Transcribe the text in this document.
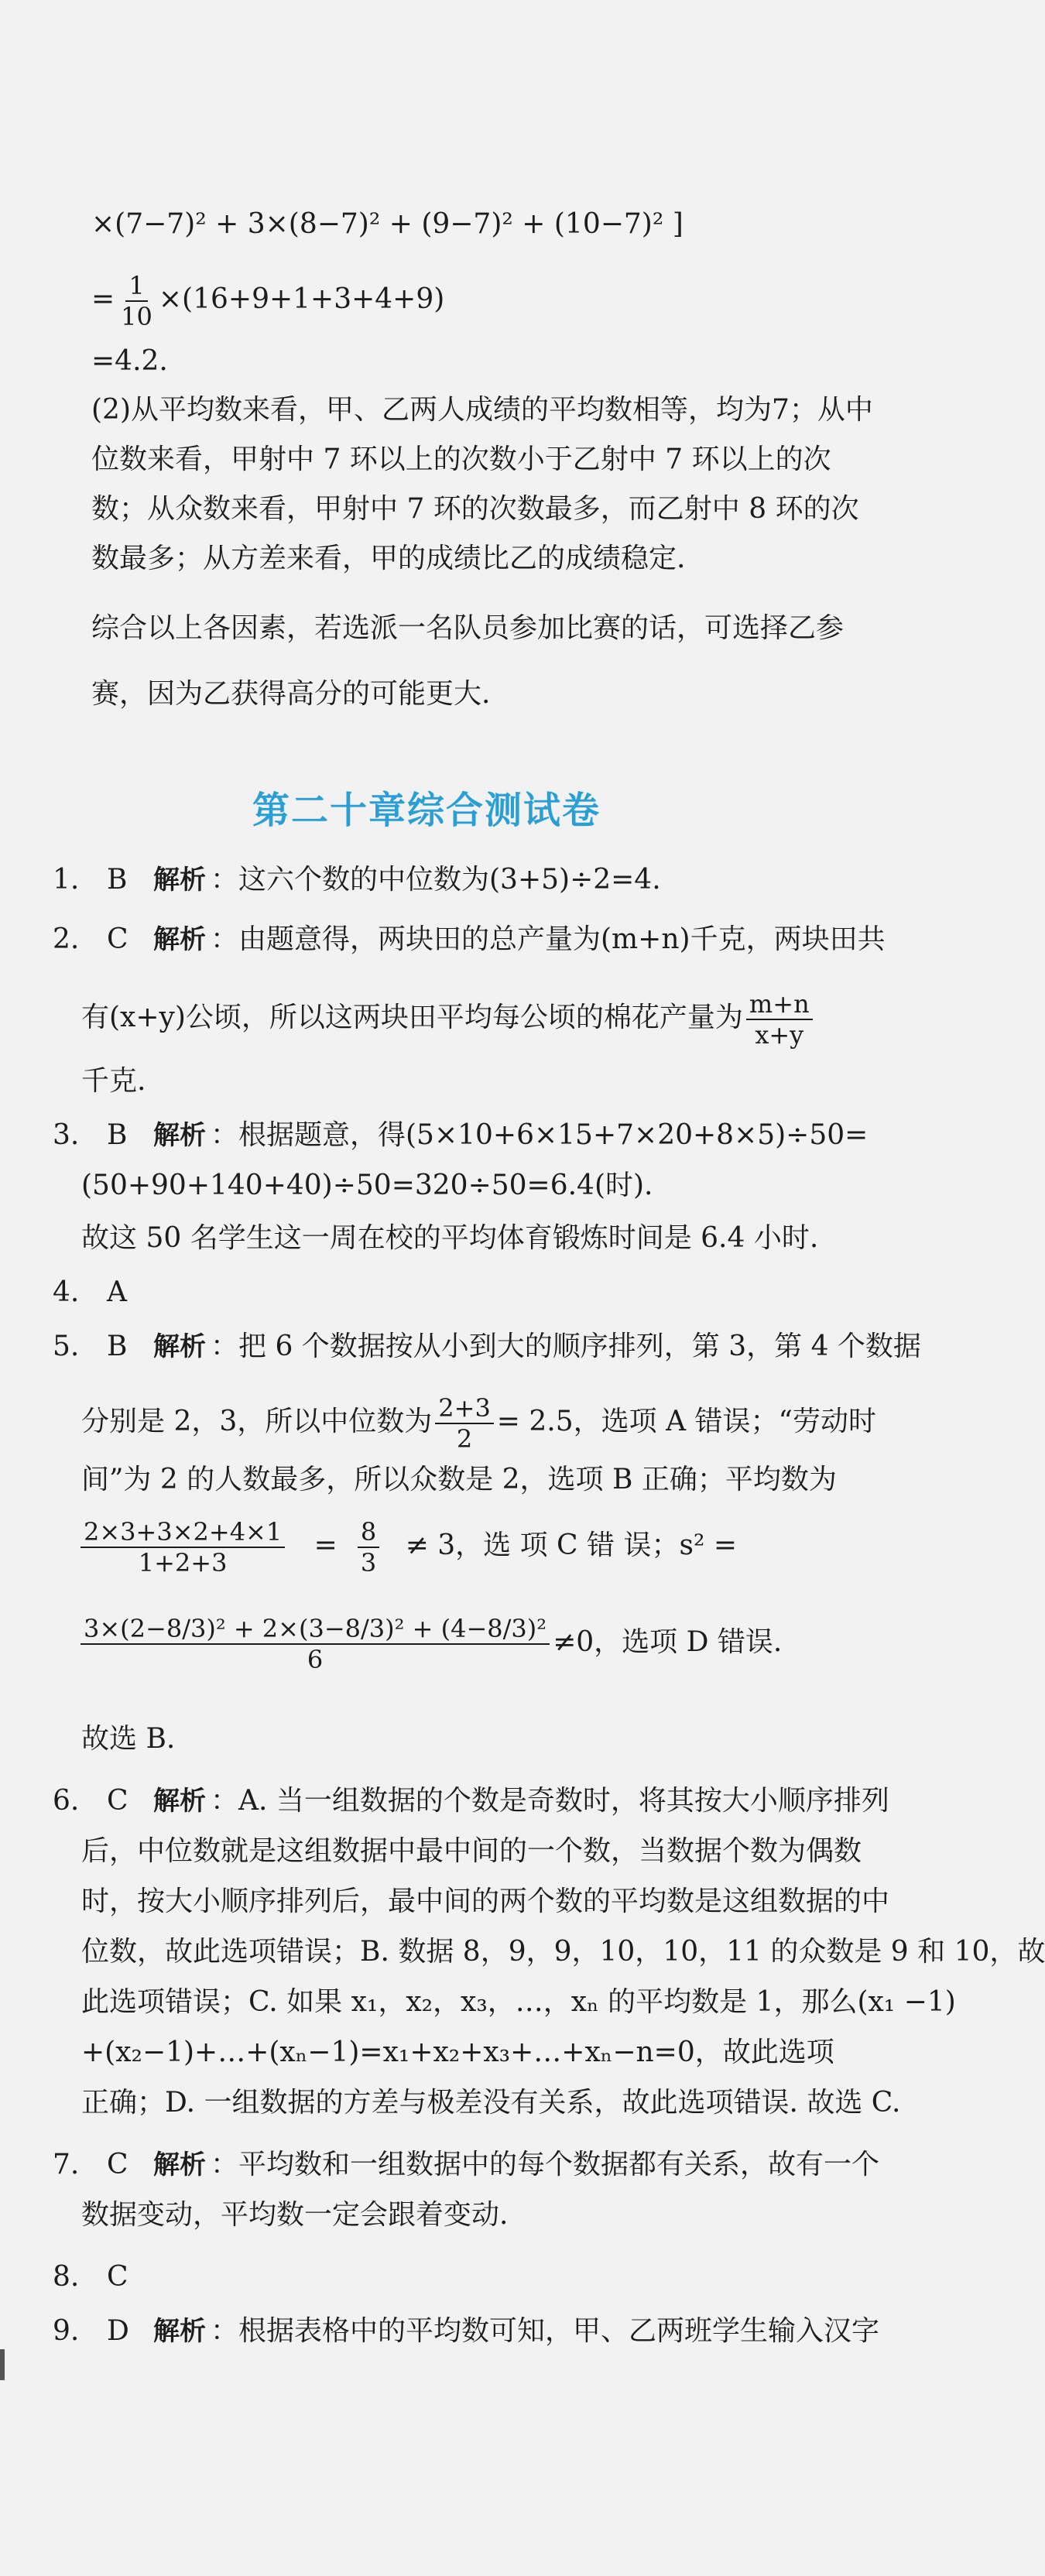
×(7−7)² + 3×(8−7)² + (9−7)² + (10−7)² ]
= $\frac{1}{10} \times(16+9+1+3+4+9)$
=4.2.
(2)从平均数来看，甲、乙两人成绩的平均数相等，均为7；从中
位数来看，甲射中 7 环以上的次数小于乙射中 7 环以上的次
数；从众数来看，甲射中 7 环的次数最多，而乙射中 8 环的次
数最多；从方差来看，甲的成绩比乙的成绩稳定.
综合以上各因素，若选派一名队员参加比赛的话，可选择乙参
赛，因为乙获得高分的可能更大.
第二十章综合测试卷
1. B 解析 ：这六个数的中位数为(3+5)÷2=4.
2. C 解析 ：由题意得，两块田的总产量为(m+n)千克，两块田共
有(x+y)公顷，所以这两块田平均每公顷的棉花产量为 $\frac{m+n}{x+y}$
千克.
3. B 解析 ：根据题意，得(5×10+6×15+7×20+8×5)÷50=
(50+90+140+40)÷50=320÷50=6.4(时).
故这 50 名学生这一周在校的平均体育锻炼时间是 6.4 小时.
4. A
5. B 解析 ：把 6 个数据按从小到大的顺序排列，第 3，第 4 个数据
分别是 2，3，所以中位数为 $\frac{2+3}{2} = 2.5$，选项 A 错误；“劳动时
间”为 2 的人数最多，所以众数是 2，选项 B 正确；平均数为
$\frac{2\times 3+3\times 2+4\times 1}{1+2+3} = \frac{8}{3} \ne 3$，选 项 C 错 误；s² =
$\frac{\text{3×(2−8/3)² + 2×(3−8/3)² + (4−8/3)²}}{6} \ne 0$，选项 D 错误.
故选 B.
6. C 解析 ：A. 当一组数据的个数是奇数时，将其按大小顺序排列
后，中位数就是这组数据中最中间的一个数，当数据个数为偶数
时，按大小顺序排列后，最中间的两个数的平均数是这组数据的中
位数，故此选项错误；B. 数据 8，9，9，10，10，11 的众数是 9 和 10，故
此选项错误；C. 如果 x₁，x₂，x₃，…，xₙ 的平均数是 1，那么(x₁ −1)
+(x₂−1)+…+(xₙ−1)=x₁+x₂+x₃+…+xₙ−n=0，故此选项
正确；D. 一组数据的方差与极差没有关系，故此选项错误. 故选 C.
7. C 解析 ：平均数和一组数据中的每个数据都有关系，故有一个
数据变动，平均数一定会跟着变动.
8. C
9. D 解析 ：根据表格中的平均数可知，甲、乙两班学生输入汉字
